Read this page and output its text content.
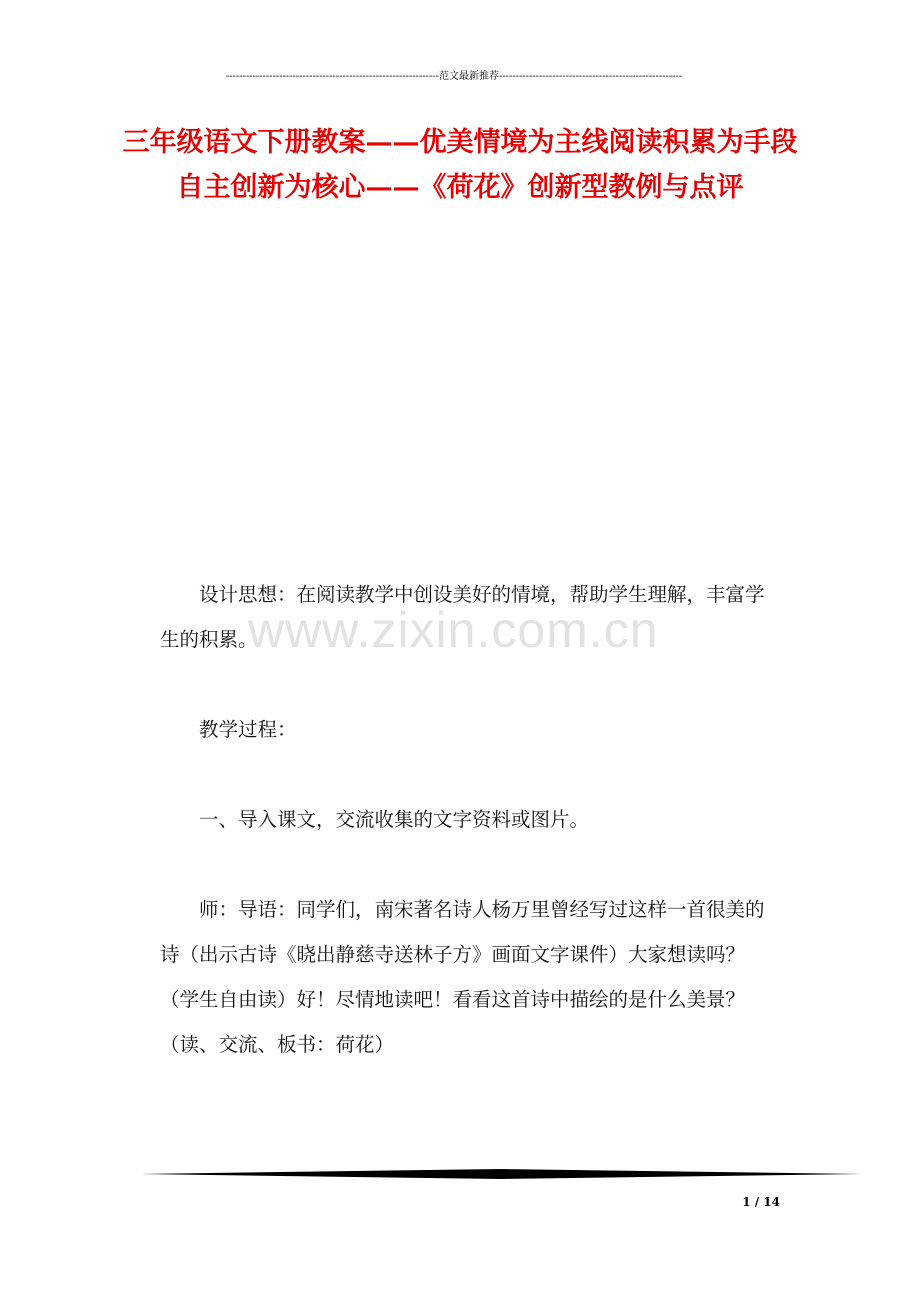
----------------------------------------------------------------范文最新推荐-------------------------------------------------------
三年级语文下册教案——优美情境为主线阅读积累为手段 自主创新为核心——《荷花》创新型教例与点评
www.zixin.com.cn

设计思想：在阅读教学中创设美好的情境，帮助学生理解，丰富学生的积累。

教学过程：

一、导入课文，交流收集的文字资料或图片。

师：导语：同学们，南宋著名诗人杨万里曾经写过这样一首很美的诗（出示古诗《晓出静慈寺送林子方》画面文字课件）大家想读吗？（学生自由读）好！尽情地读吧！看看这首诗中描绘的是什么美景？（读、交流、板书：荷花）

1 / 14
